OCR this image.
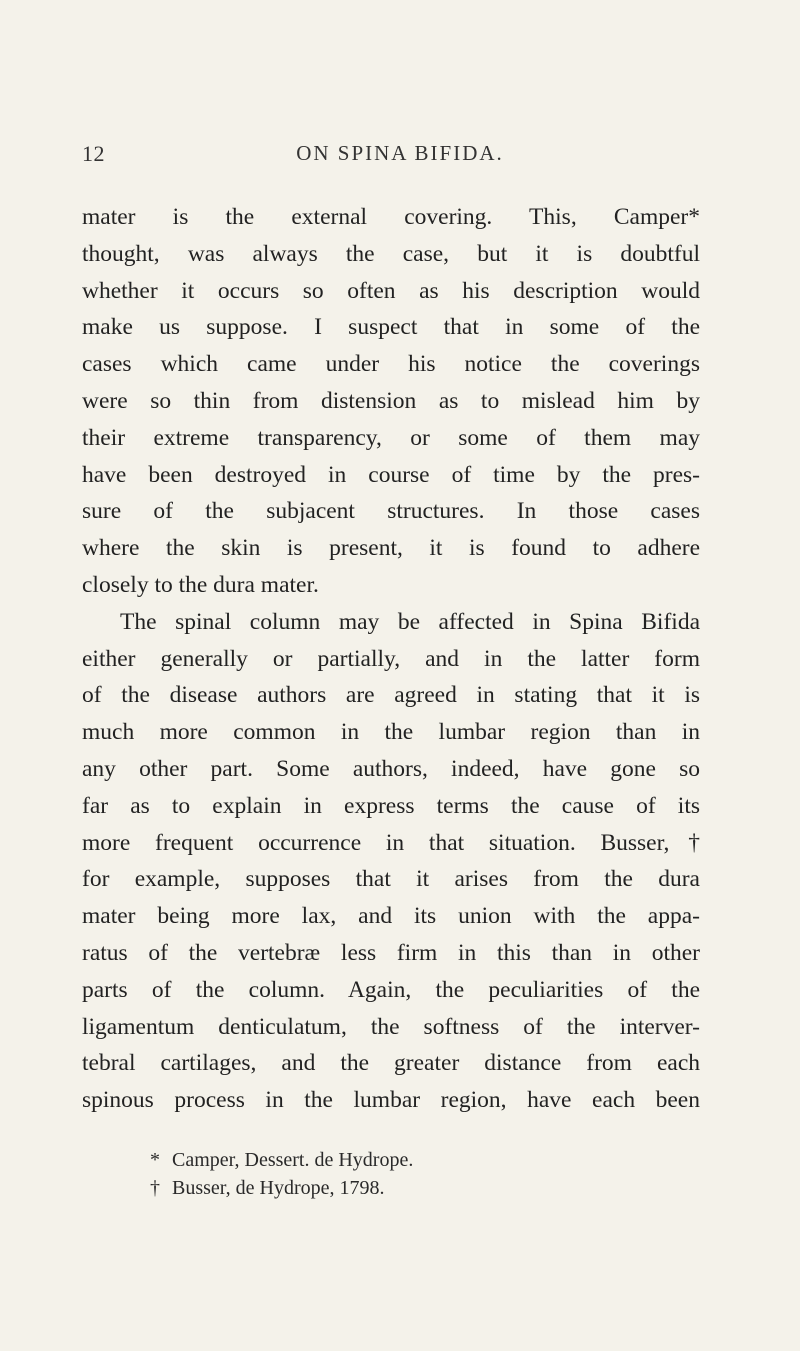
12	ON SPINA BIFIDA.
mater is the external covering. This, Camper*
thought, was always the case, but it is doubtful
whether it occurs so often as his description would
make us suppose. I suspect that in some of the
cases which came under his notice the coverings
were so thin from distension as to mislead him by
their extreme transparency, or some of them may
have been destroyed in course of time by the pres-
sure of the subjacent structures. In those cases
where the skin is present, it is found to adhere
closely to the dura mater.
The spinal column may be affected in Spina Bifida
either generally or partially, and in the latter form
of the disease authors are agreed in stating that it is
much more common in the lumbar region than in
any other part. Some authors, indeed, have gone so
far as to explain in express terms the cause of its
more frequent occurrence in that situation. Busser,†
for example, supposes that it arises from the dura
mater being more lax, and its union with the appa-
ratus of the vertebræ less firm in this than in other
parts of the column. Again, the peculiarities of the
ligamentum denticulatum, the softness of the interver-
tebral cartilages, and the greater distance from each
spinous process in the lumbar region, have each been
* Camper, Dessert. de Hydrope.
† Busser, de Hydrope, 1798.
